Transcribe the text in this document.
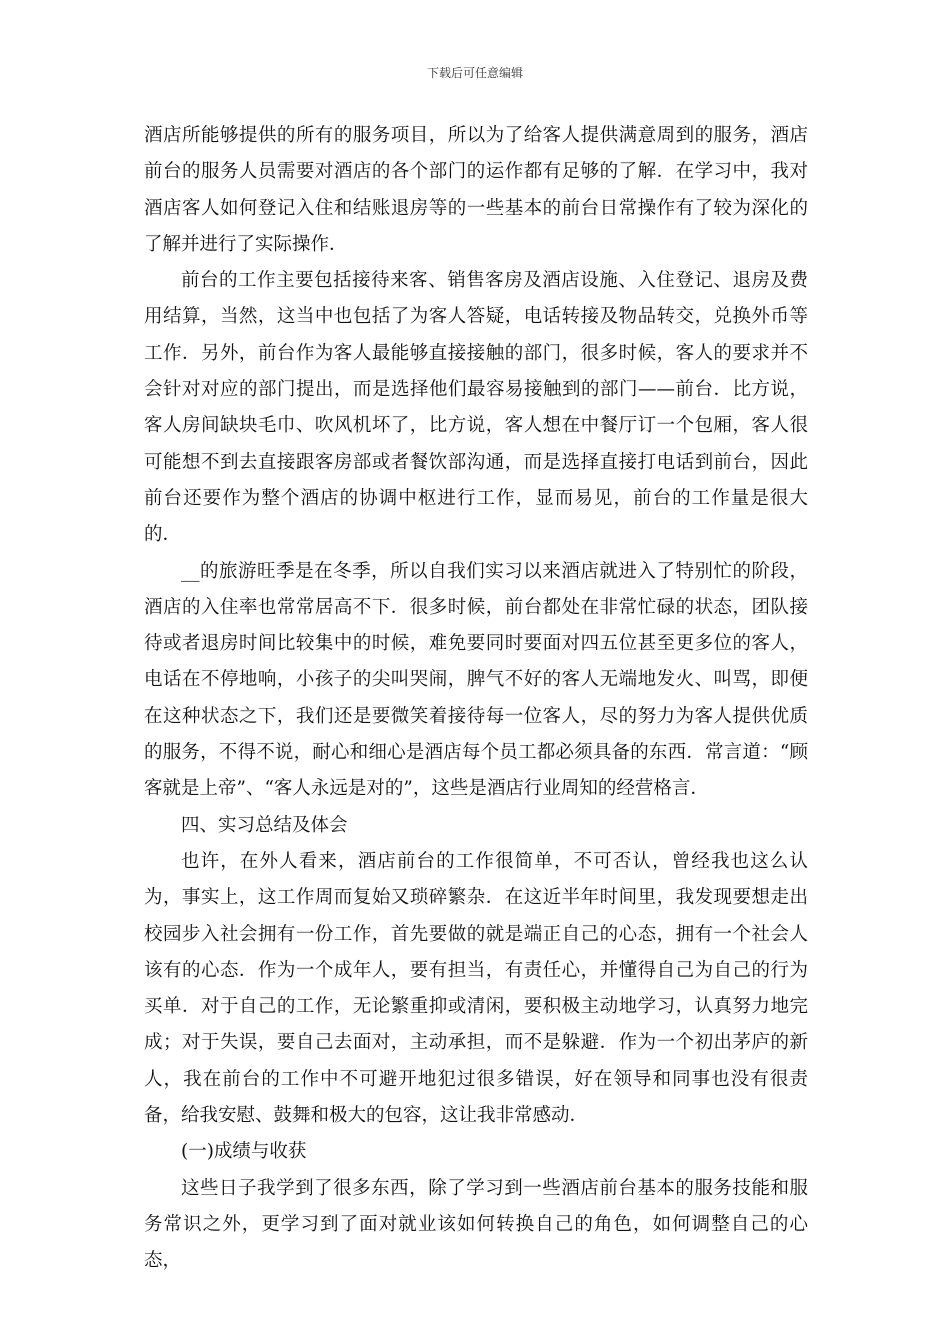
下载后可任意编辑

酒店所能够提供的所有的服务项目，所以为了给客人提供满意周到的服务，酒店前台的服务人员需要对酒店的各个部门的运作都有足够的了解．在学习中，我对酒店客人如何登记入住和结账退房等的一些基本的前台日常操作有了较为深化的了解并进行了实际操作．

前台的工作主要包括接待来客、销售客房及酒店设施、入住登记、退房及费用结算，当然，这当中也包括了为客人答疑，电话转接及物品转交，兑换外币等工作．另外，前台作为客人最能够直接接触的部门，很多时候，客人的要求并不会针对对应的部门提出，而是选择他们最容易接触到的部门——前台．比方说，客人房间缺块毛巾、吹风机坏了，比方说，客人想在中餐厅订一个包厢，客人很可能想不到去直接跟客房部或者餐饮部沟通，而是选择直接打电话到前台，因此前台还要作为整个酒店的协调中枢进行工作，显而易见，前台的工作量是很大的．

__的旅游旺季是在冬季，所以自我们实习以来酒店就进入了特别忙的阶段，酒店的入住率也常常居高不下．很多时候，前台都处在非常忙碌的状态，团队接待或者退房时间比较集中的时候，难免要同时要面对四五位甚至更多位的客人，电话在不停地响，小孩子的尖叫哭闹，脾气不好的客人无端地发火、叫骂，即便在这种状态之下，我们还是要微笑着接待每一位客人，尽的努力为客人提供优质的服务，不得不说，耐心和细心是酒店每个员工都必须具备的东西．常言道：“顾客就是上帝”、“客人永远是对的”，这些是酒店行业周知的经营格言．

四、实习总结及体会

也许，在外人看来，酒店前台的工作很简单，不可否认，曾经我也这么认为，事实上，这工作周而复始又琐碎繁杂．在这近半年时间里，我发现要想走出校园步入社会拥有一份工作，首先要做的就是端正自己的心态，拥有一个社会人该有的心态．作为一个成年人，要有担当，有责任心，并懂得自己为自己的行为买单．对于自己的工作，无论繁重抑或清闲，要积极主动地学习，认真努力地完成；对于失误，要自己去面对，主动承担，而不是躲避．作为一个初出茅庐的新人，我在前台的工作中不可避开地犯过很多错误，好在领导和同事也没有很责备，给我安慰、鼓舞和极大的包容，这让我非常感动．

(一)成绩与收获

这些日子我学到了很多东西，除了学习到一些酒店前台基本的服务技能和服务常识之外，更学习到了面对就业该如何转换自己的角色，如何调整自己的心态，
